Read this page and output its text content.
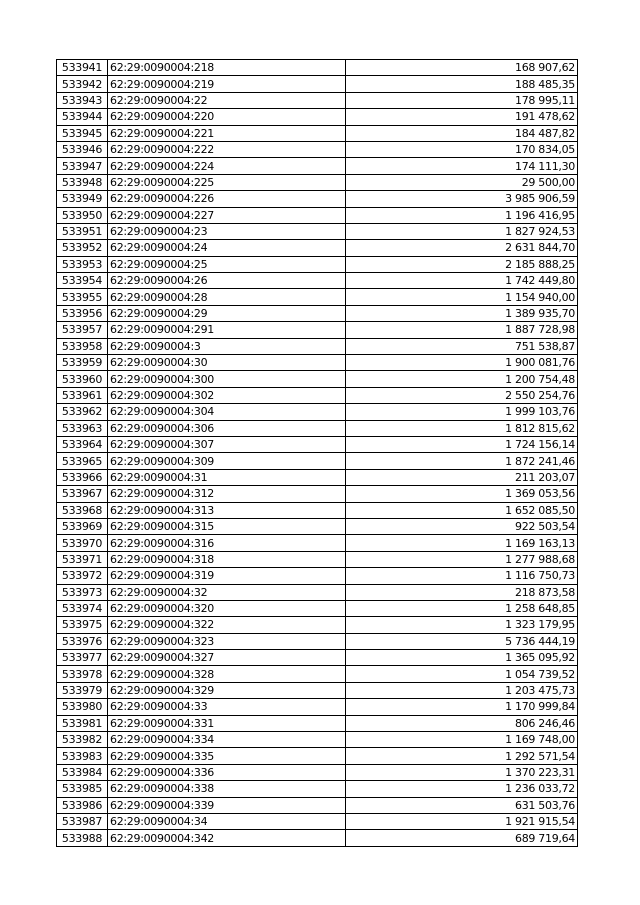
533941	62:29:0090004:218	168 907,62
533942	62:29:0090004:219	188 485,35
533943	62:29:0090004:22	178 995,11
533944	62:29:0090004:220	191 478,62
533945	62:29:0090004:221	184 487,82
533946	62:29:0090004:222	170 834,05
533947	62:29:0090004:224	174 111,30
533948	62:29:0090004:225	29 500,00
533949	62:29:0090004:226	3 985 906,59
533950	62:29:0090004:227	1 196 416,95
533951	62:29:0090004:23	1 827 924,53
533952	62:29:0090004:24	2 631 844,70
533953	62:29:0090004:25	2 185 888,25
533954	62:29:0090004:26	1 742 449,80
533955	62:29:0090004:28	1 154 940,00
533956	62:29:0090004:29	1 389 935,70
533957	62:29:0090004:291	1 887 728,98
533958	62:29:0090004:3	751 538,87
533959	62:29:0090004:30	1 900 081,76
533960	62:29:0090004:300	1 200 754,48
533961	62:29:0090004:302	2 550 254,76
533962	62:29:0090004:304	1 999 103,76
533963	62:29:0090004:306	1 812 815,62
533964	62:29:0090004:307	1 724 156,14
533965	62:29:0090004:309	1 872 241,46
533966	62:29:0090004:31	211 203,07
533967	62:29:0090004:312	1 369 053,56
533968	62:29:0090004:313	1 652 085,50
533969	62:29:0090004:315	922 503,54
533970	62:29:0090004:316	1 169 163,13
533971	62:29:0090004:318	1 277 988,68
533972	62:29:0090004:319	1 116 750,73
533973	62:29:0090004:32	218 873,58
533974	62:29:0090004:320	1 258 648,85
533975	62:29:0090004:322	1 323 179,95
533976	62:29:0090004:323	5 736 444,19
533977	62:29:0090004:327	1 365 095,92
533978	62:29:0090004:328	1 054 739,52
533979	62:29:0090004:329	1 203 475,73
533980	62:29:0090004:33	1 170 999,84
533981	62:29:0090004:331	806 246,46
533982	62:29:0090004:334	1 169 748,00
533983	62:29:0090004:335	1 292 571,54
533984	62:29:0090004:336	1 370 223,31
533985	62:29:0090004:338	1 236 033,72
533986	62:29:0090004:339	631 503,76
533987	62:29:0090004:34	1 921 915,54
533988	62:29:0090004:342	689 719,64
